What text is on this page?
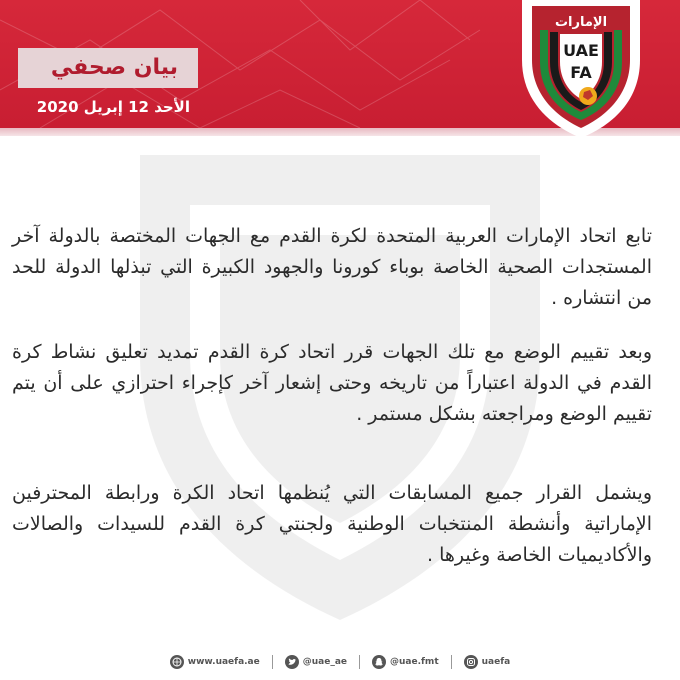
بيان صحفي
الأحد 12 إبريل 2020
الإمارات
UAE
FA
تابع اتحاد الإمارات العربية المتحدة لكرة القدم مع الجهات المختصة بالدولة آخر المستجدات الصحية الخاصة بوباء كورونا والجهود الكبيرة التي تبذلها الدولة للحد من انتشاره .
وبعد تقييم الوضع مع تلك الجهات قرر اتحاد كرة القدم تمديد تعليق نشاط كرة القدم في الدولة اعتباراً من تاريخه وحتى إشعار آخر كإجراء احترازي على أن يتم تقييم الوضع ومراجعته بشكل مستمر .
ويشمل القرار جميع المسابقات التي يُنظمها اتحاد الكرة ورابطة المحترفين الإماراتية وأنشطة المنتخبات الوطنية ولجنتي كرة القدم للسيدات والصالات والأكاديميات الخاصة وغيرها .
www.uaefa.ae	@uae_ae	@uae.fmt	uaefa
